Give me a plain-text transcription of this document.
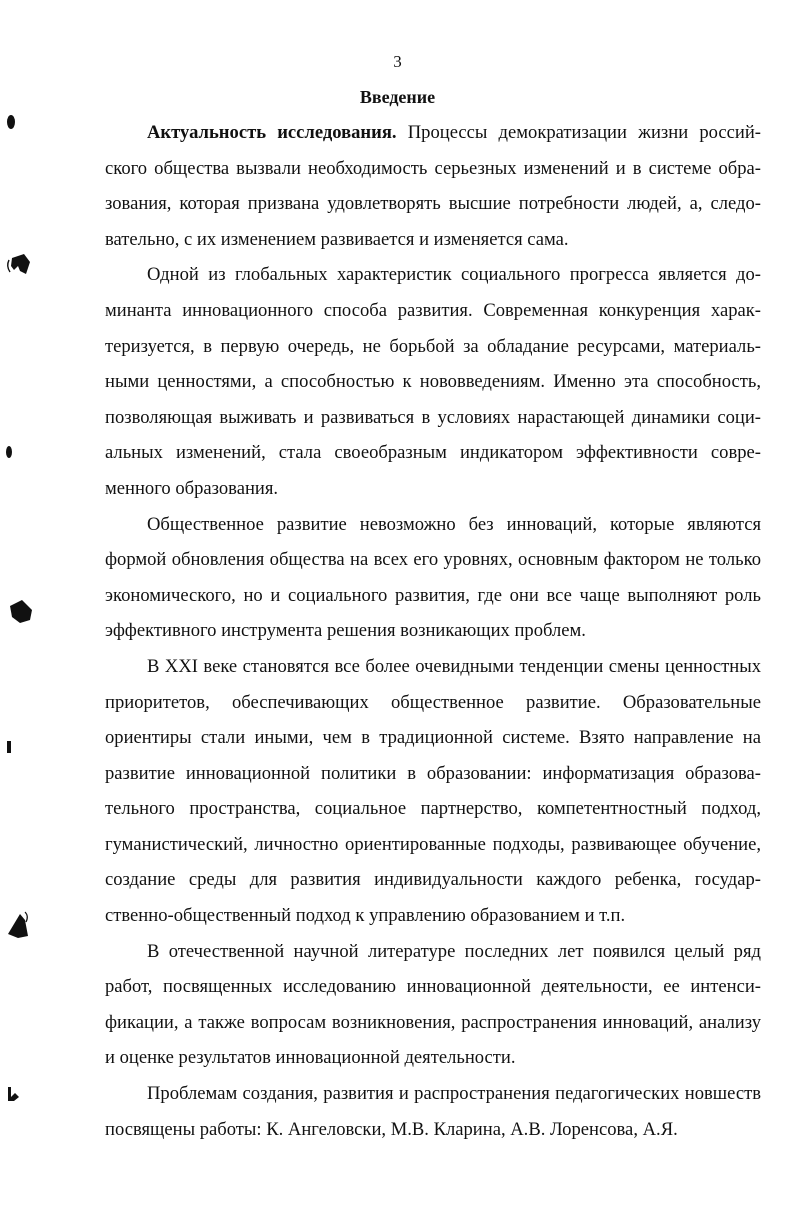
3
Введение

Актуальность исследования. Процессы демократизации жизни российского общества вызвали необходимость серьезных изменений и в системе образования, которая призвана удовлетворять высшие потребности людей, а, следовательно, с их изменением развивается и изменяется сама.

Одной из глобальных характеристик социального прогресса является доминанта инновационного способа развития. Современная конкуренция характеризуется, в первую очередь, не борьбой за обладание ресурсами, материальными ценностями, а способностью к нововведениям. Именно эта способность, позволяющая выживать и развиваться в условиях нарастающей динамики социальных изменений, стала своеобразным индикатором эффективности современного образования.

Общественное развитие невозможно без инноваций, которые являются формой обновления общества на всех его уровнях, основным фактором не только экономического, но и социального развития, где они все чаще выполняют роль эффективного инструмента решения возникающих проблем.

В XXI веке становятся все более очевидными тенденции смены ценностных приоритетов, обеспечивающих общественное развитие. Образовательные ориентиры стали иными, чем в традиционной системе. Взято направление на развитие инновационной политики в образовании: информатизация образовательного пространства, социальное партнерство, компетентностный подход, гуманистический, личностно ориентированные подходы, развивающее обучение, создание среды для развития индивидуальности каждого ребенка, государственно-общественный подход к управлению образованием и т.п.

В отечественной научной литературе последних лет появился целый ряд работ, посвященных исследованию инновационной деятельности, ее интенсификации, а также вопросам возникновения, распространения инноваций, анализу и оценке результатов инновационной деятельности.

Проблемам создания, развития и распространения педагогических новшеств посвящены работы: К. Ангеловски, М.В. Кларина, А.В. Лоренсова, А.Я.
